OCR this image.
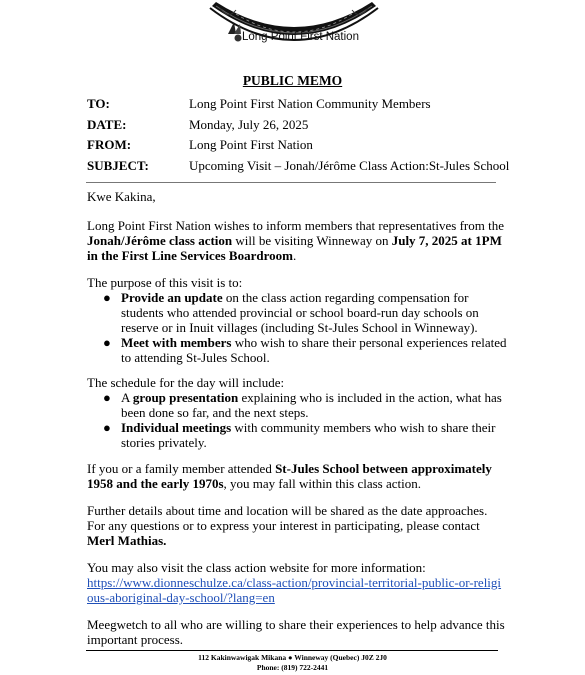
Long Point First Nation
PUBLIC MEMO
TO:	Long Point First Nation Community Members
DATE:	Monday, July 26, 2025
FROM:	Long Point First Nation
SUBJECT:	Upcoming Visit – Jonah/Jérôme Class Action:St-Jules School
Kwe Kakina,
Long Point First Nation wishes to inform members that representatives from the Jonah/Jérôme class action will be visiting Winneway on July 7, 2025 at 1PM in the First Line Services Boardroom.
The purpose of this visit is to:
● Provide an update on the class action regarding compensation for students who attended provincial or school board-run day schools on reserve or in Inuit villages (including St-Jules School in Winneway).
● Meet with members who wish to share their personal experiences related to attending St-Jules School.
The schedule for the day will include:
● A group presentation explaining who is included in the action, what has been done so far, and the next steps.
● Individual meetings with community members who wish to share their stories privately.
If you or a family member attended St-Jules School between approximately 1958 and the early 1970s, you may fall within this class action.

Further details about time and location will be shared as the date approaches.

For any questions or to express your interest in participating, please contact Merl Mathias.

You may also visit the class action website for more information:

https://www.dionneschulze.ca/class-action/provincial-territorial-public-or-religious-aboriginal-day-school/?lang=en

Meegwetch to all who are willing to share their experiences to help advance this important process.
112 Kakinwawigak Mikana ● Winneway (Quebec) J0Z 2J0
Phone: (819) 722-2441
